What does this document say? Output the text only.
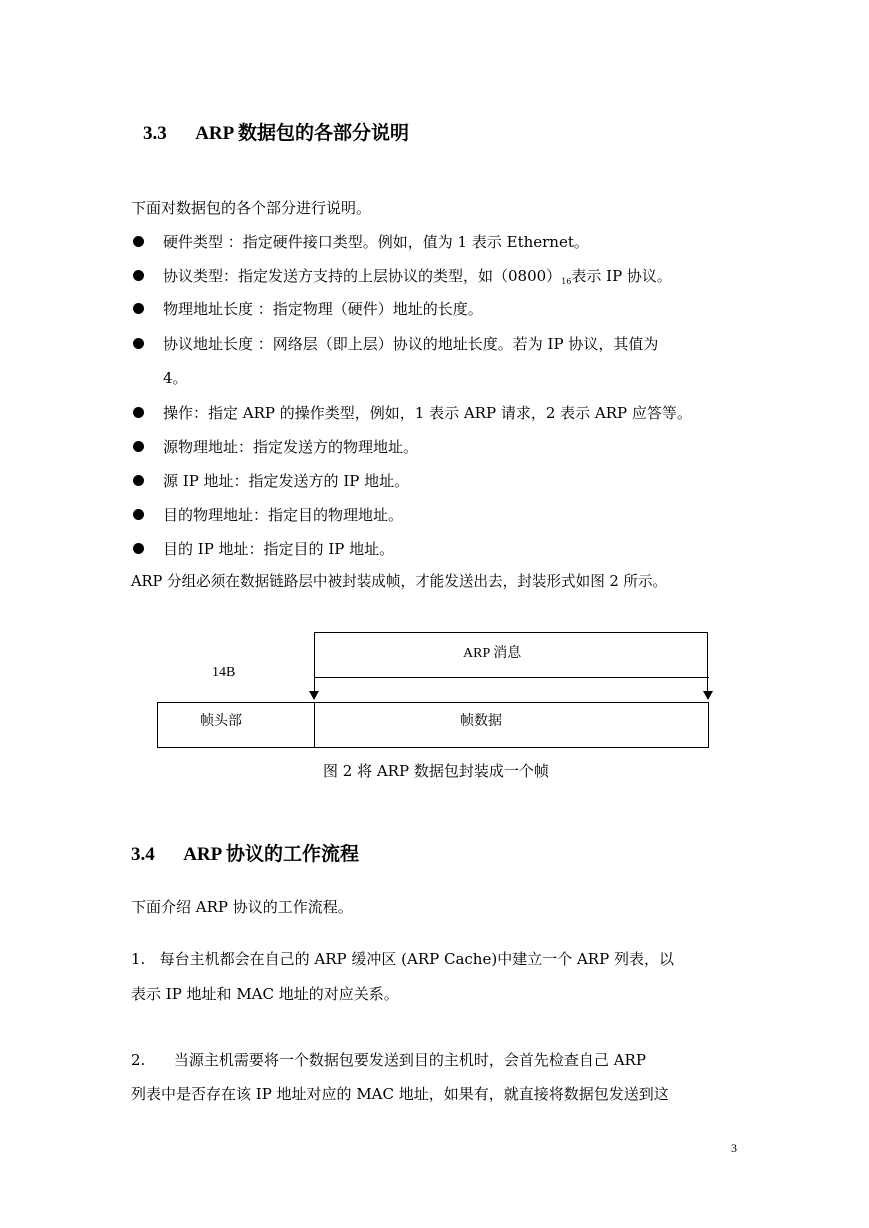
3.3 ARP 数据包的各部分说明
下面对数据包的各个部分进行说明。
硬件类型 ：指定硬件接口类型。例如，值为 1 表示 Ethernet。
协议类型：指定发送方支持的上层协议的类型，如$(0800)_{16}$表示 IP 协议。
物理地址长度 ：指定物理（硬件）地址的长度。
协议地址长度 ：网络层（即上层）协议的地址长度。若为 IP 协议，其值为
4。
操作：指定 ARP 的操作类型，例如，1 表示 ARP 请求，2 表示 ARP 应答等。
源物理地址：指定发送方的物理地址。
源 IP 地址：指定发送方的 IP 地址。
目的物理地址：指定目的物理地址。
目的 IP 地址：指定目的 IP 地址。
ARP 分组必须在数据链路层中被封装成帧，才能发送出去，封装形式如图 2 所示。
ARP 消息
14B
帧头部	帧数据
图 2 将 ARP 数据包封装成一个帧
3.4 ARP 协议的工作流程
下面介绍 ARP 协议的工作流程。
1.   每台主机都会在自己的 ARP 缓冲区 (ARP Cache)中建立一个 ARP 列表，以
表示 IP 地址和 MAC 地址的对应关系。
2.      当源主机需要将一个数据包要发送到目的主机时，会首先检查自己 ARP
列表中是否存在该 IP 地址对应的 MAC 地址，如果有，就直接将数据包发送到这
3
